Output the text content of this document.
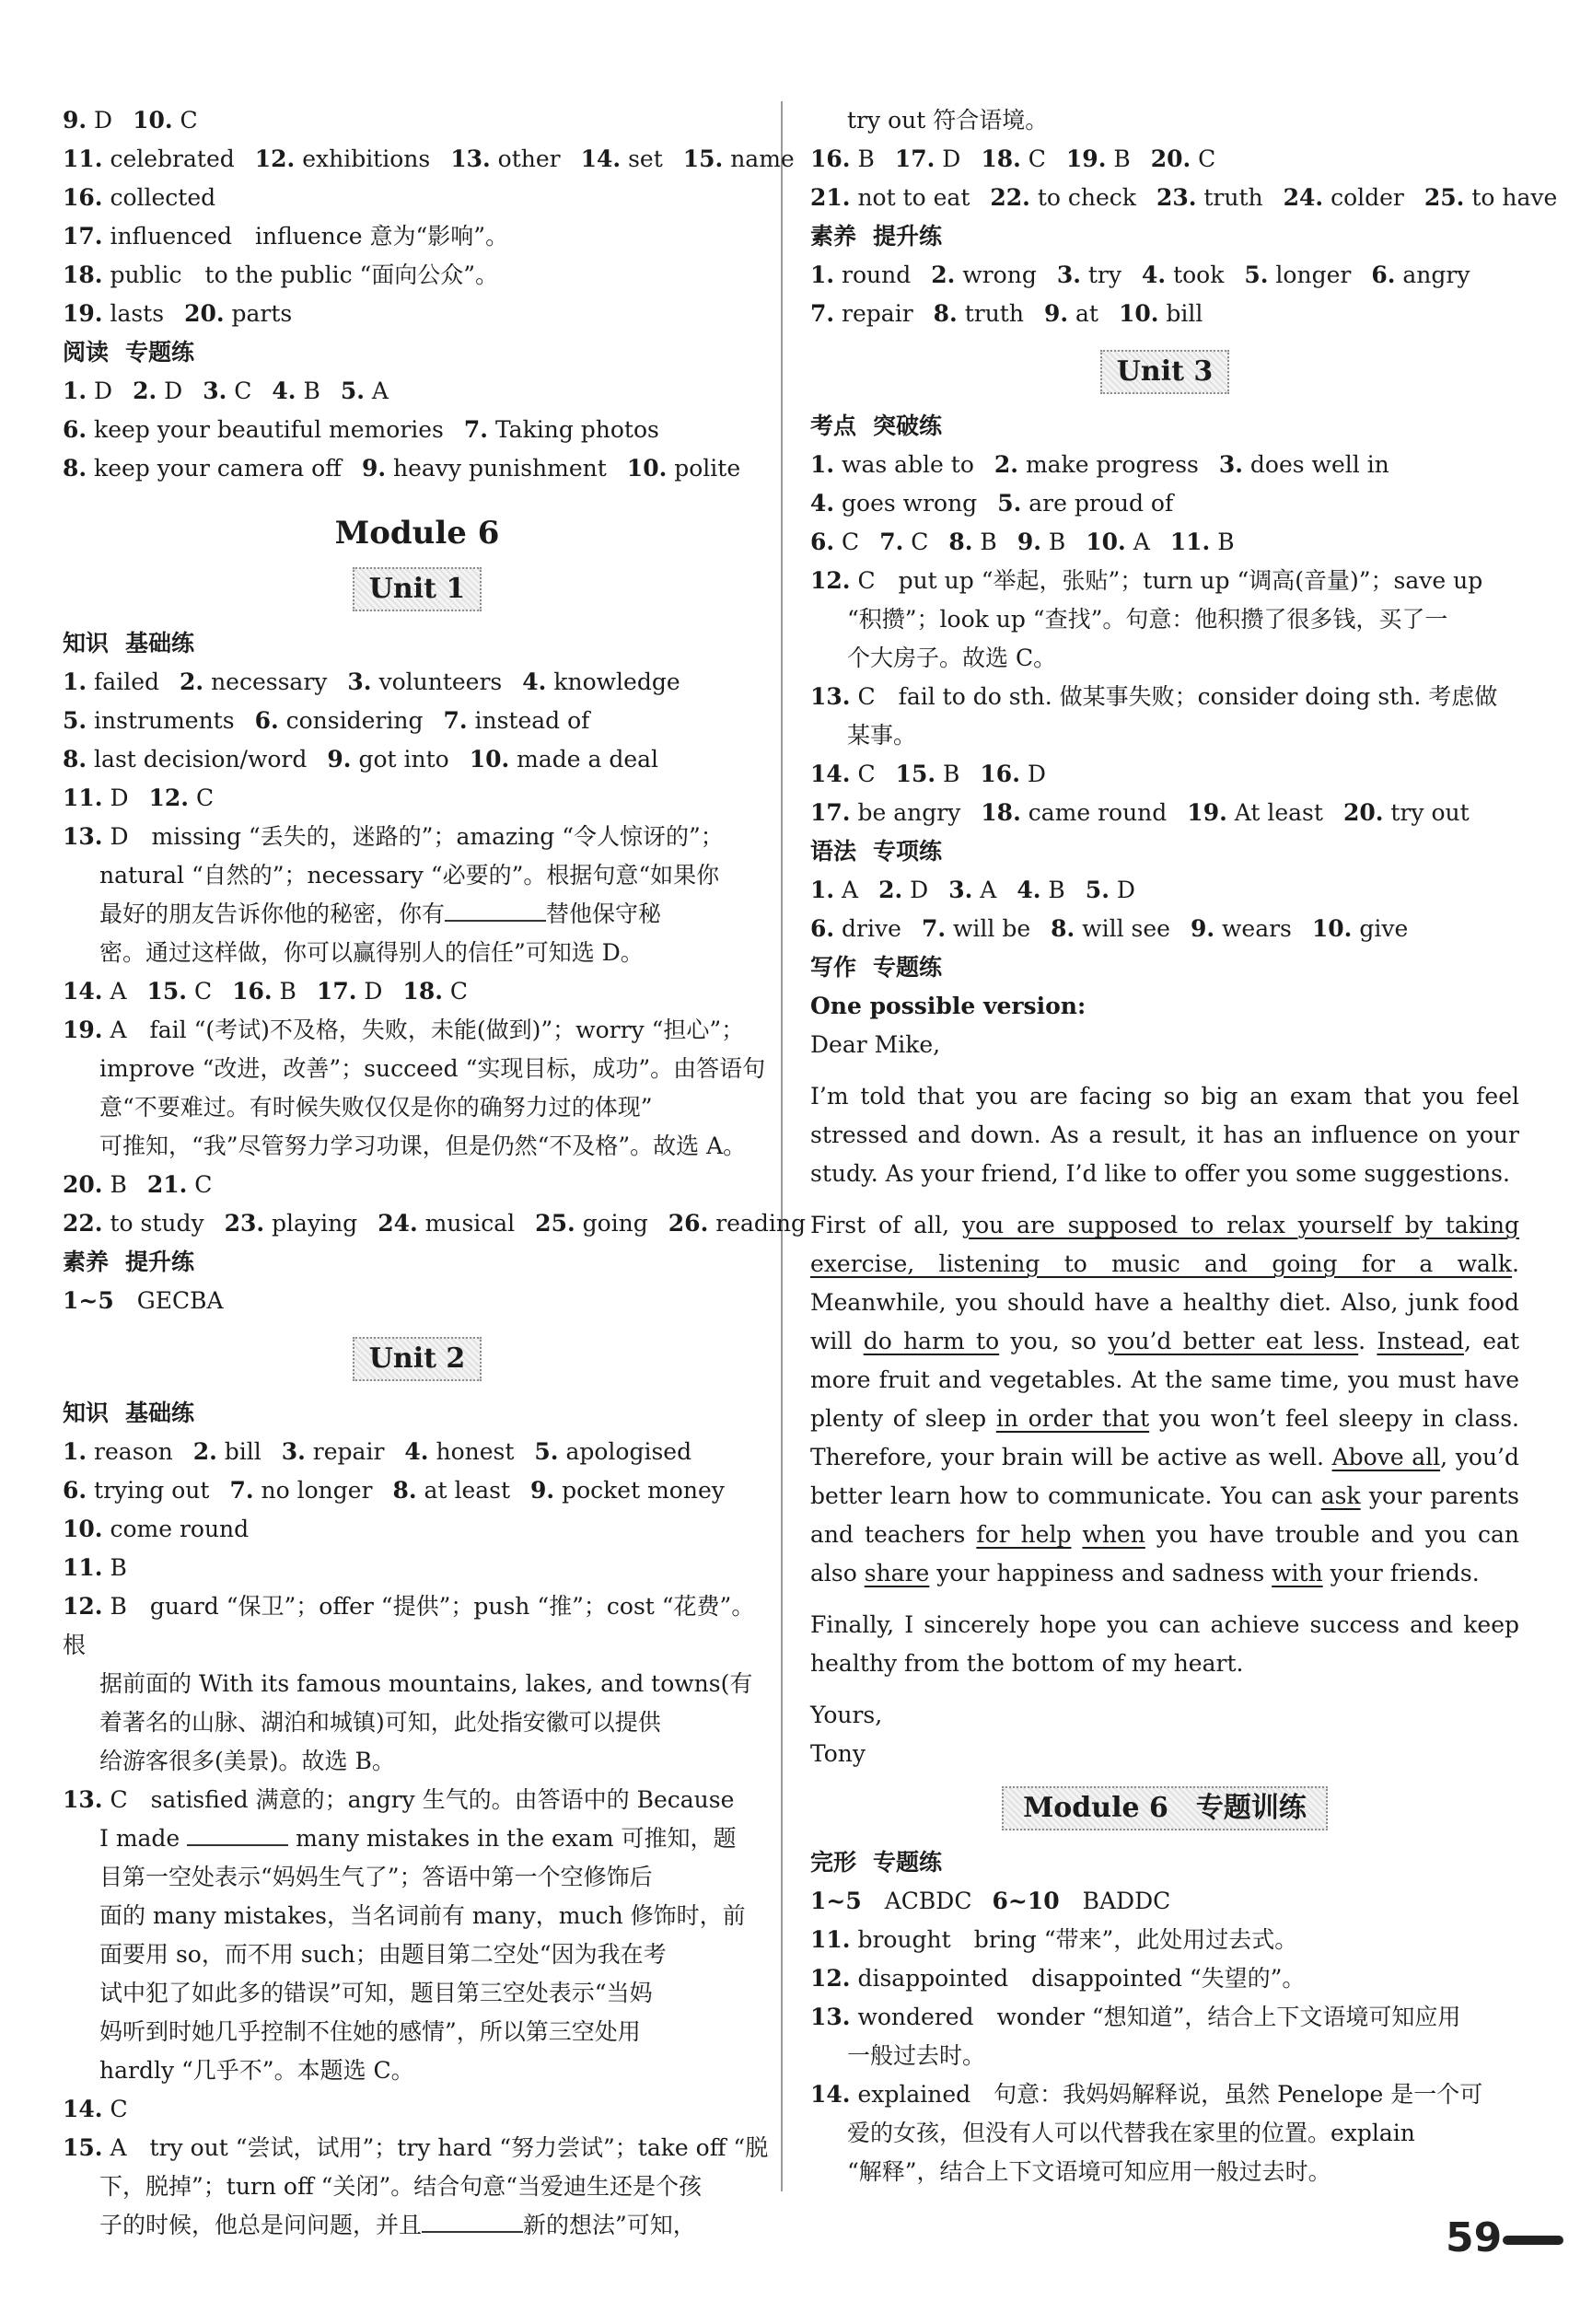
9. D 10. C
11. celebrated 12. exhibitions 13. other 14. set 15. name
16. collected
17. influenced　influence 意为“影响”。
18. public　to the public “面向公众”。
19. lasts 20. parts
阅读 专题练
1. D 2. D 3. C 4. B 5. A
6. keep your beautiful memories 7. Taking photos
8. keep your camera off 9. heavy punishment 10. polite
Module 6
Unit 1
知识 基础练
1. failed 2. necessary 3. volunteers 4. knowledge
5. instruments 6. considering 7. instead of
8. last decision/word 9. got into 10. made a deal
11. D 12. C
13. D　missing “丢失的，迷路的”；amazing “令人惊讶的”；
natural “自然的”；necessary “必要的”。根据句意“如果你
最好的朋友告诉你他的秘密，你有	替他保守秘
密。通过这样做，你可以赢得别人的信任”可知选 D。
14. A 15. C 16. B 17. D 18. C
19. A　fail “(考试)不及格，失败，未能(做到)”；worry “担心”；
improve “改进，改善”；succeed “实现目标，成功”。由答语句
意“不要难过。有时候失败仅仅是你的确努力过的体现”
可推知，“我”尽管努力学习功课，但是仍然“不及格”。故选 A。
20. B 21. C
22. to study 23. playing 24. musical 25. going 26. reading
素养 提升练
1~5　GECBA
Unit 2
知识 基础练
1. reason 2. bill 3. repair 4. honest 5. apologised
6. trying out 7. no longer 8. at least 9. pocket money
10. come round
11. B
12. B　guard “保卫”；offer “提供”；push “推”；cost “花费”。根
据前面的 With its famous mountains, lakes, and towns(有
着著名的山脉、湖泊和城镇)可知，此处指安徽可以提供
给游客很多(美景)。故选 B。
13. C　satisfied 满意的；angry 生气的。由答语中的 Because
I made	many mistakes in the exam 可推知，题
目第一空处表示“妈妈生气了”；答语中第一个空修饰后
面的 many mistakes，当名词前有 many，much 修饰时，前
面要用 so，而不用 such；由题目第二空处“因为我在考
试中犯了如此多的错误”可知，题目第三空处表示“当妈
妈听到时她几乎控制不住她的感情”，所以第三空处用
hardly “几乎不”。本题选 C。
14. C
15. A　try out “尝试，试用”；try hard “努力尝试”；take off “脱
下，脱掉”；turn off “关闭”。结合句意“当爱迪生还是个孩
子的时候，他总是问问题，并且	新的想法”可知，
try out 符合语境。
16. B 17. D 18. C 19. B 20. C
21. not to eat 22. to check 23. truth 24. colder 25. to have
素养 提升练
1. round 2. wrong 3. try 4. took 5. longer 6. angry
7. repair 8. truth 9. at 10. bill
Unit 3
考点 突破练
1. was able to 2. make progress 3. does well in
4. goes wrong 5. are proud of
6. C 7. C 8. B 9. B 10. A 11. B
12. C　put up “举起，张贴”；turn up “调高(音量)”；save up
“积攒”；look up “查找”。句意：他积攒了很多钱，买了一
个大房子。故选 C。
13. C　fail to do sth. 做某事失败；consider doing sth. 考虑做
某事。
14. C 15. B 16. D
17. be angry 18. came round 19. At least 20. try out
语法 专项练
1. A 2. D 3. A 4. B 5. D
6. drive 7. will be 8. will see 9. wears 10. give
写作 专题练
One possible version:

Dear Mike,

I’m told that you are facing so big an exam that you feel stressed and down. As a result, it has an influence on your study. As your friend, I’d like to offer you some suggestions.

First of all, you are supposed to relax yourself by taking exercise, listening to music and going for a walk. Meanwhile, you should have a healthy diet. Also, junk food will do harm to you, so you’d better eat less. Instead, eat more fruit and vegetables. At the same time, you must have plenty of sleep in order that you won’t feel sleepy in class. Therefore, your brain will be active as well. Above all, you’d better learn how to communicate. You can ask your parents and teachers for help when you have trouble and you can also share your happiness and sadness with your friends.

Finally, I sincerely hope you can achieve success and keep healthy from the bottom of my heart.

Yours,
Tony

Module 6　专题训练
完形 专题练
1~5　ACBDC 6~10　BADDC
11. brought　bring “带来”，此处用过去式。
12. disappointed　disappointed “失望的”。
13. wondered　wonder “想知道”，结合上下文语境可知应用
一般过去时。
14. explained　句意：我妈妈解释说，虽然 Penelope 是一个可
爱的女孩，但没有人可以代替我在家里的位置。explain
“解释”，结合上下文语境可知应用一般过去时。
59
